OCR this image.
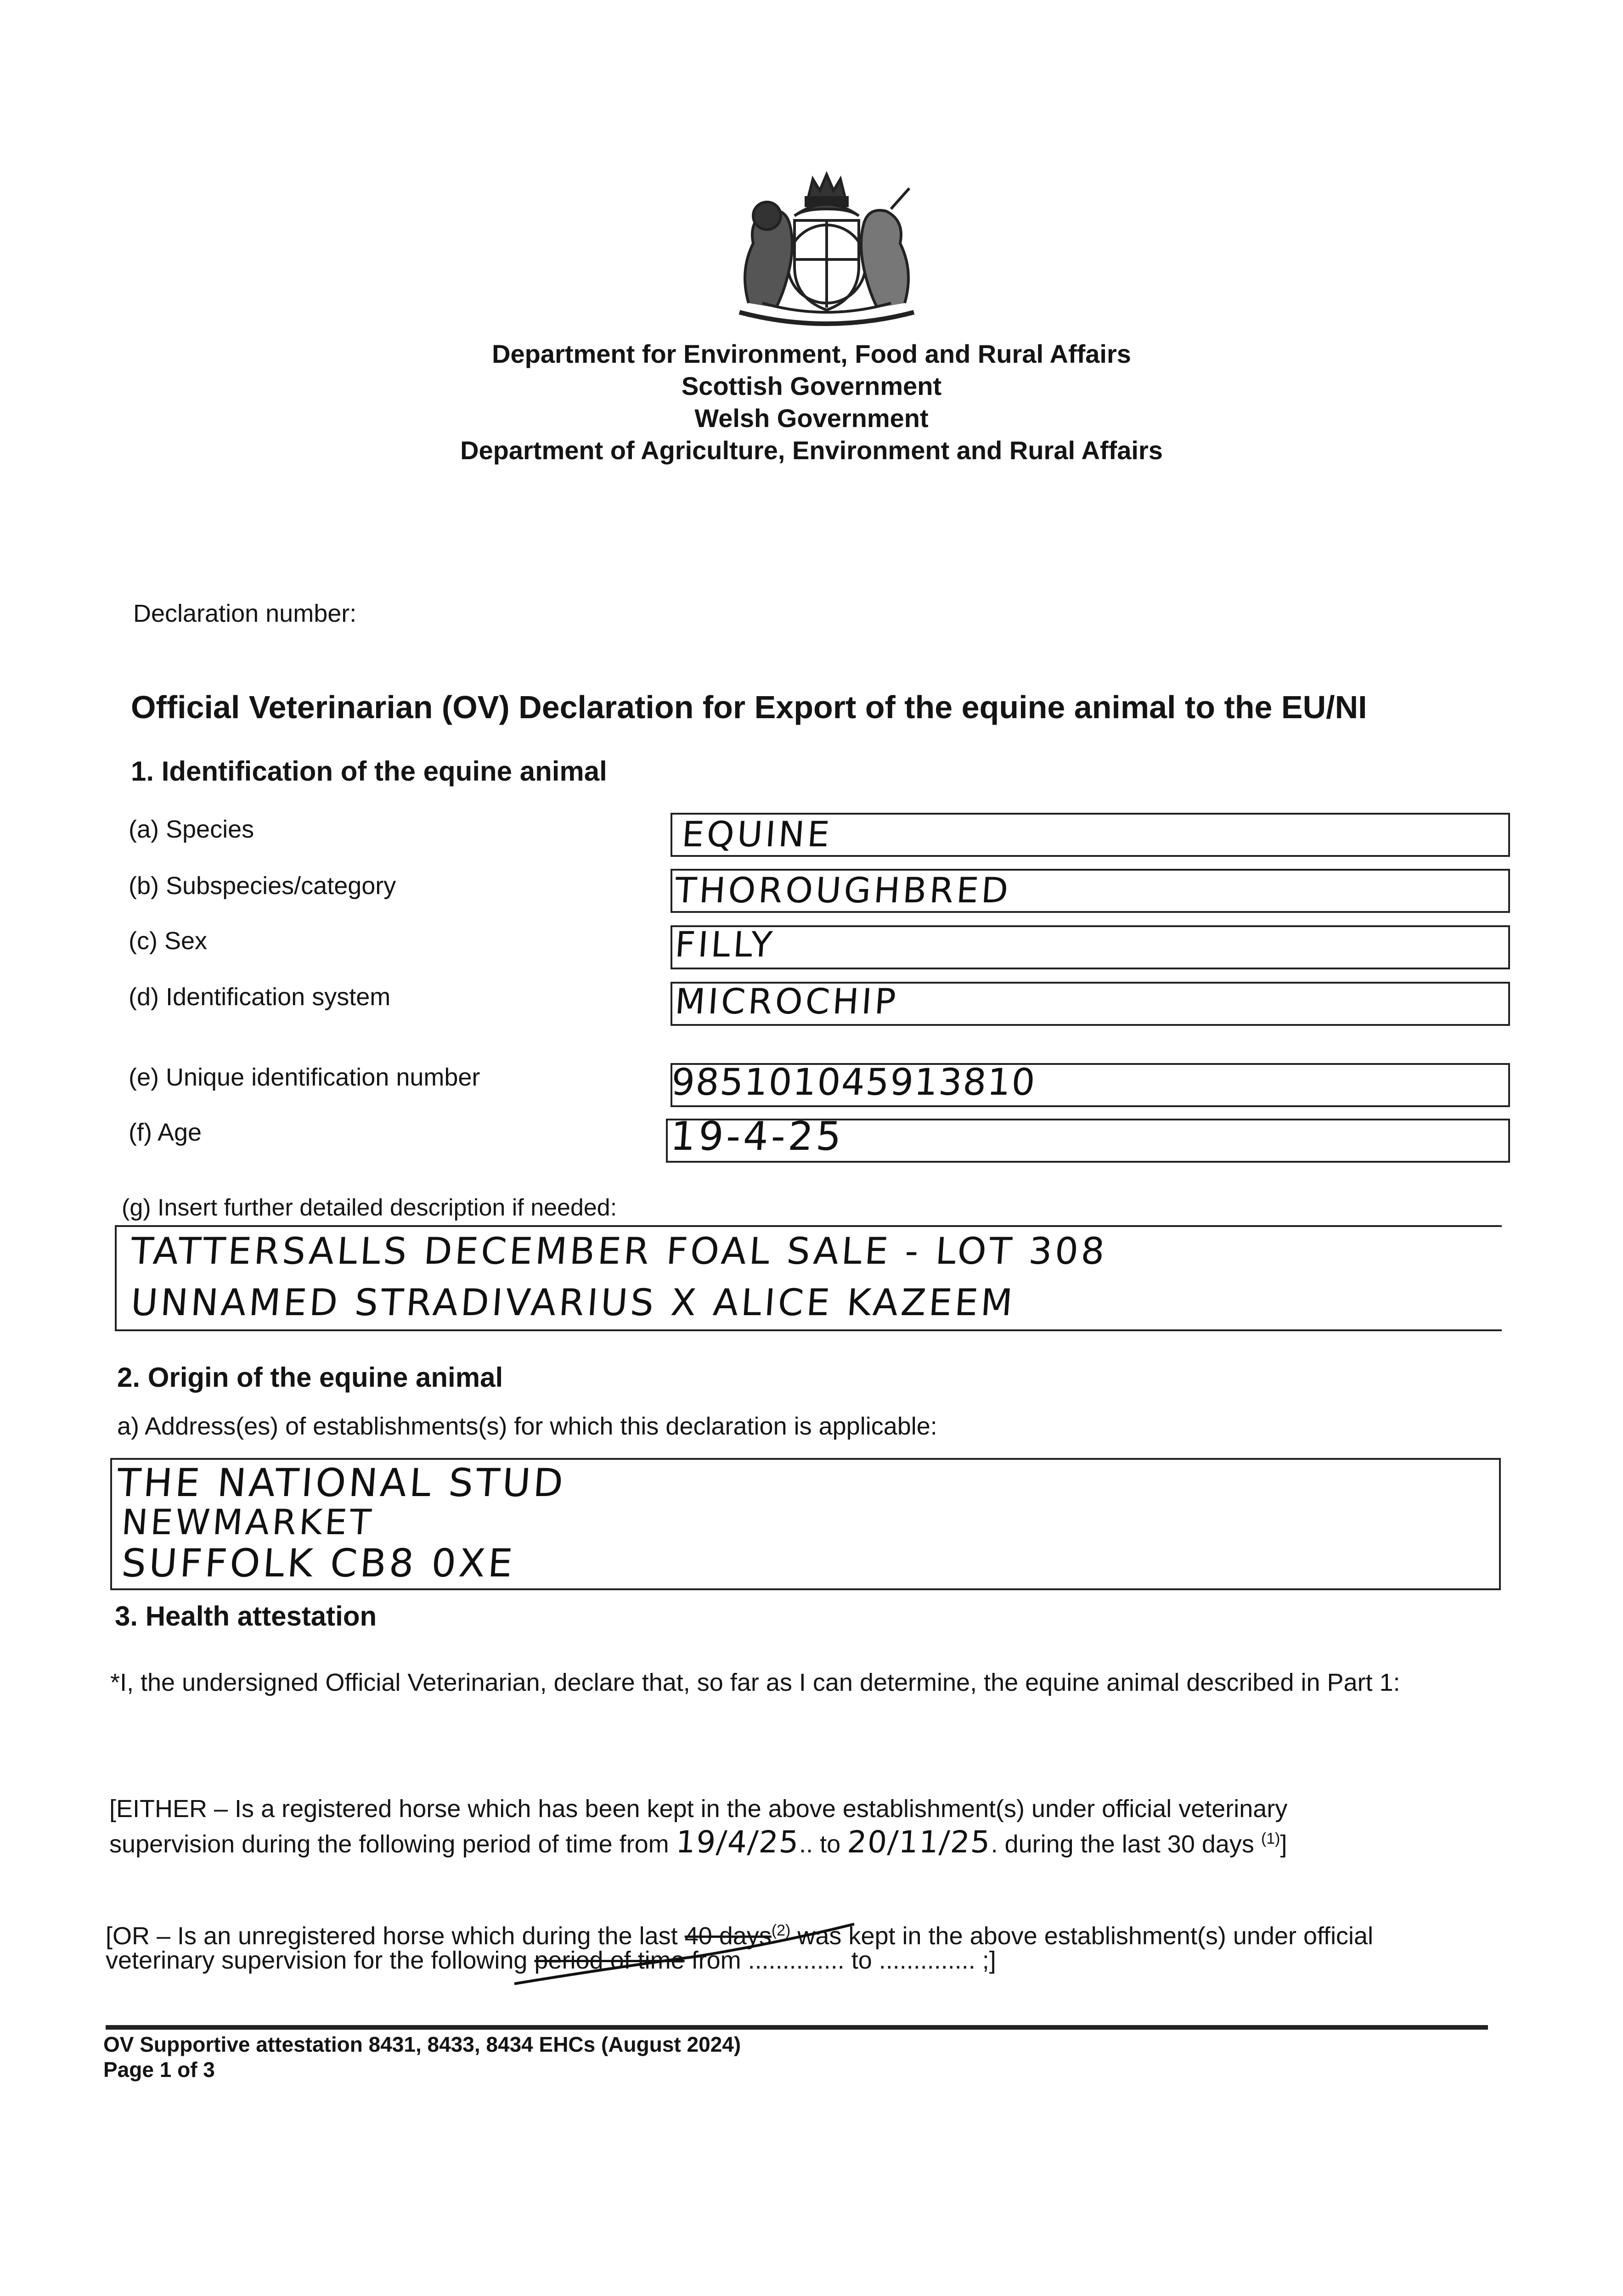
Department for Environment, Food and Rural Affairs
Scottish Government
Welsh Government
Department of Agriculture, Environment and Rural Affairs
Declaration number:
Official Veterinarian (OV) Declaration for Export of the equine animal to the EU/NI
1. Identification of the equine animal
(a) Species	EQUINE
(b) Subspecies/category	THOROUGHBRED
(c) Sex	FILLY
(d) Identification system	MICROCHIP
(e) Unique identification number	985101045913810
(f) Age	19-4-25
(g) Insert further detailed description if needed:
TATTERSALLS DECEMBER FOAL SALE - LOT 308
UNNAMED STRADIVARIUS X ALICE KAZEEM
2. Origin of the equine animal
a) Address(es) of establishments(s) for which this declaration is applicable:
THE NATIONAL STUD
NEWMARKET
SUFFOLK CB8 0XE
3. Health attestation
*I, the undersigned Official Veterinarian, declare that, so far as I can determine, the equine animal described in Part 1:
[EITHER – Is a registered horse which has been kept in the above establishment(s) under official veterinary
supervision during the following period of time from 19/4/25.. to 20/11/25. during the last 30 days $^{(1)}$]
[OR – Is an unregistered horse which during the last 40 days$^{(2)}$ was kept in the above establishment(s) under official
veterinary supervision for the following period of time from .............. to .............. ;]
OV Supportive attestation 8431, 8433, 8434 EHCs (August 2024)
Page 1 of 3
